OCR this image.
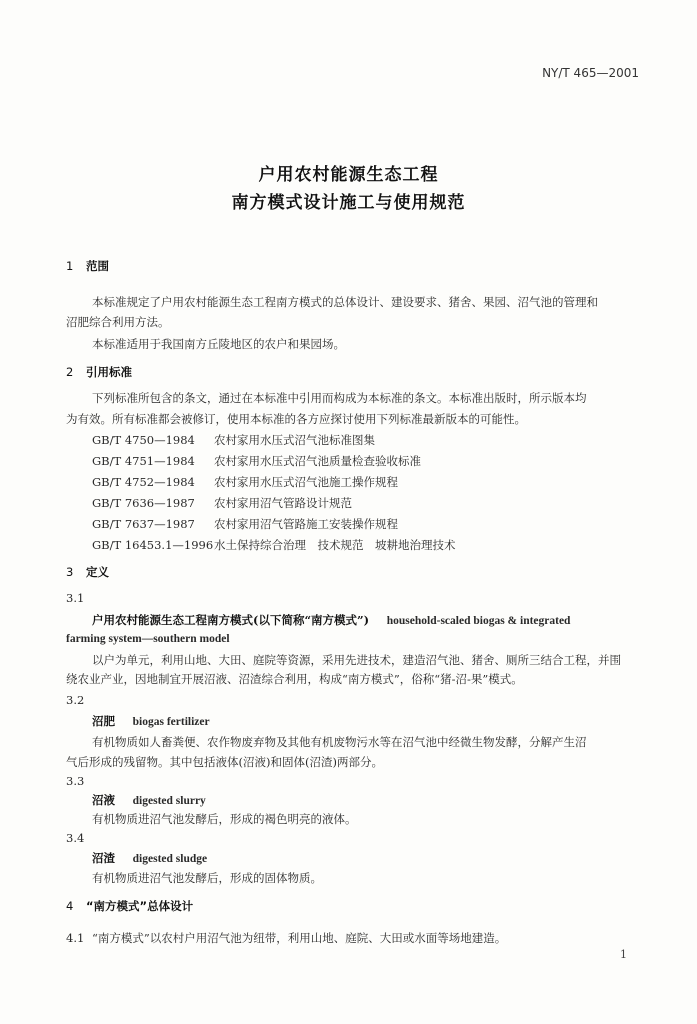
NY/T 465—2001
户用农村能源生态工程
南方模式设计施工与使用规范
1 范围
本标准规定了户用农村能源生态工程南方模式的总体设计、建设要求、猪舍、果园、沼气池的管理和
沼肥综合利用方法。
本标准适用于我国南方丘陵地区的农户和果园场。
2 引用标准
下列标准所包含的条文，通过在本标准中引用而构成为本标准的条文。本标准出版时，所示版本均
为有效。所有标准都会被修订，使用本标准的各方应探讨使用下列标准最新版本的可能性。
GB/T 4750—1984 农村家用水压式沼气池标准图集
GB/T 4751—1984 农村家用水压式沼气池质量检查验收标准
GB/T 4752—1984 农村家用水压式沼气池施工操作规程
GB/T 7636—1987 农村家用沼气管路设计规范
GB/T 7637—1987 农村家用沼气管路施工安装操作规程
GB/T 16453.1—1996水土保持综合治理　技术规范　坡耕地治理技术
3 定义
3.1
户用农村能源生态工程南方模式(以下简称“南方模式”) household-scaled biogas & integrated
farming system—southern model
以户为单元，利用山地、大田、庭院等资源，采用先进技术，建造沼气池、猪舍、厕所三结合工程，并围
绕农业产业，因地制宜开展沼液、沼渣综合利用，构成“南方模式”，俗称“猪-沼-果”模式。
3.2
沼肥 biogas fertilizer
有机物质如人畜粪便、农作物废弃物及其他有机废物污水等在沼气池中经微生物发酵，分解产生沼
气后形成的残留物。其中包括液体(沼液)和固体(沼渣)两部分。
3.3
沼液 digested slurry
有机物质进沼气池发酵后，形成的褐色明亮的液体。
3.4
沼渣 digested sludge
有机物质进沼气池发酵后，形成的固体物质。
4 “南方模式”总体设计
4.1 “南方模式”以农村户用沼气池为纽带，利用山地、庭院、大田或水面等场地建造。
1
